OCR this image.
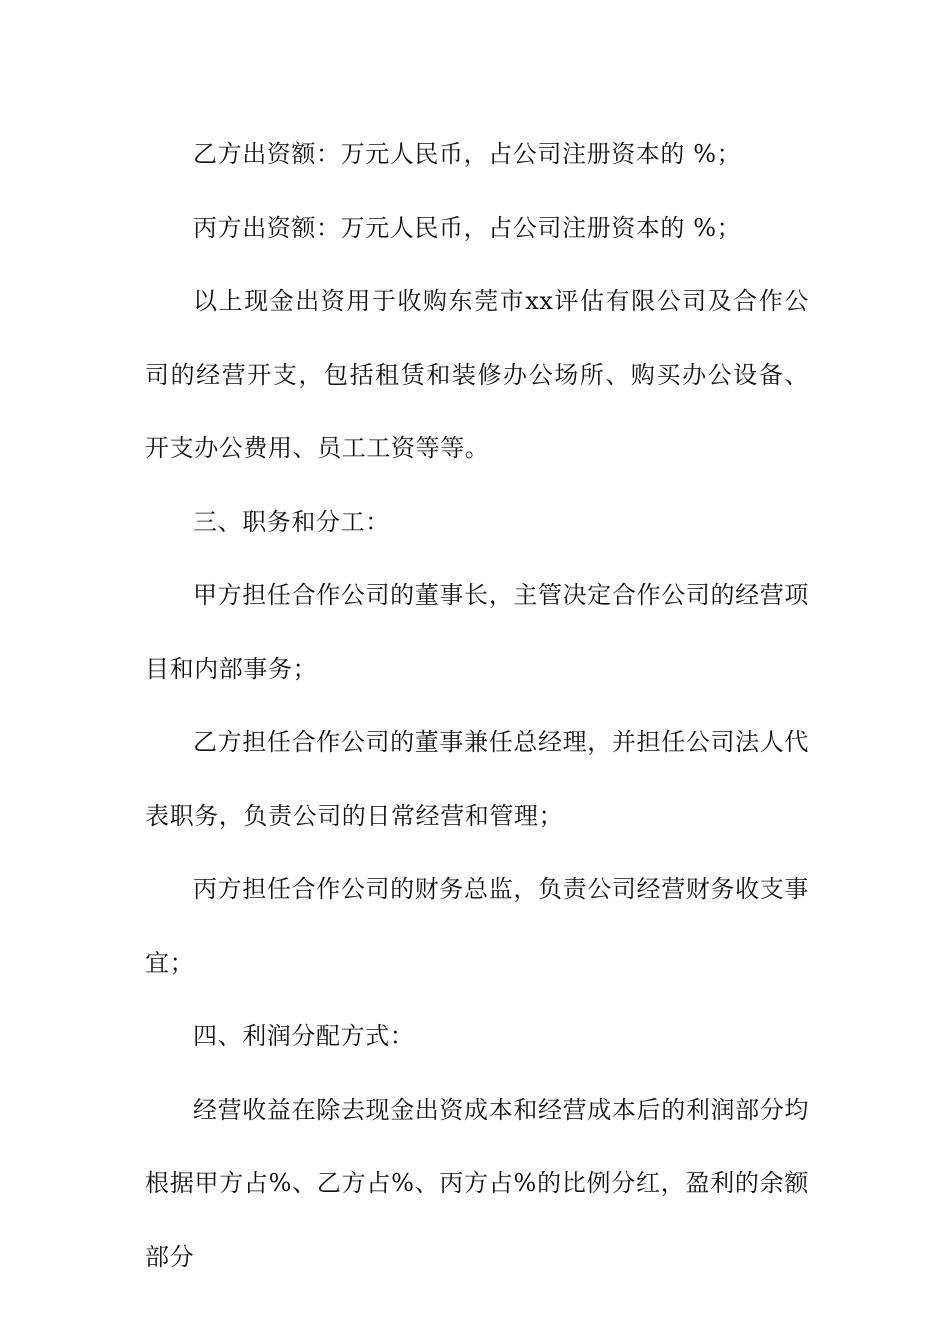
乙方出资额：万元人民币，占公司注册资本的 %；

丙方出资额：万元人民币，占公司注册资本的 %；

以上现金出资用于收购东莞市xx评估有限公司及合作公司的经营开支，包括租赁和装修办公场所、购买办公设备、开支办公费用、员工工资等等。

三、职务和分工：

甲方担任合作公司的董事长，主管决定合作公司的经营项目和内部事务；

乙方担任合作公司的董事兼任总经理，并担任公司法人代表职务，负责公司的日常经营和管理；

丙方担任合作公司的财务总监，负责公司经营财务收支事宜；

四、利润分配方式：

经营收益在除去现金出资成本和经营成本后的利润部分均根据甲方占%、乙方占%、丙方占%的比例分红，盈利的余额部分
